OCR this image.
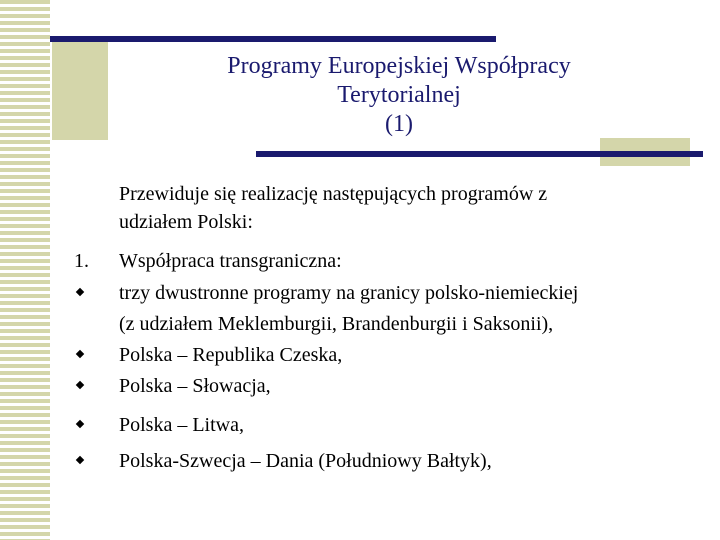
Programy Europejskiej Współpracy
Terytorialnej
(1)
Przewiduje się realizację następujących programów z
udziałem Polski:
1. Współpraca transgraniczna:
trzy dwustronne programy na granicy polsko-niemieckiej
(z udziałem Meklemburgii, Brandenburgii i Saksonii),
Polska – Republika Czeska,
Polska – Słowacja,
Polska – Litwa,
Polska-Szwecja – Dania (Południowy Bałtyk),
